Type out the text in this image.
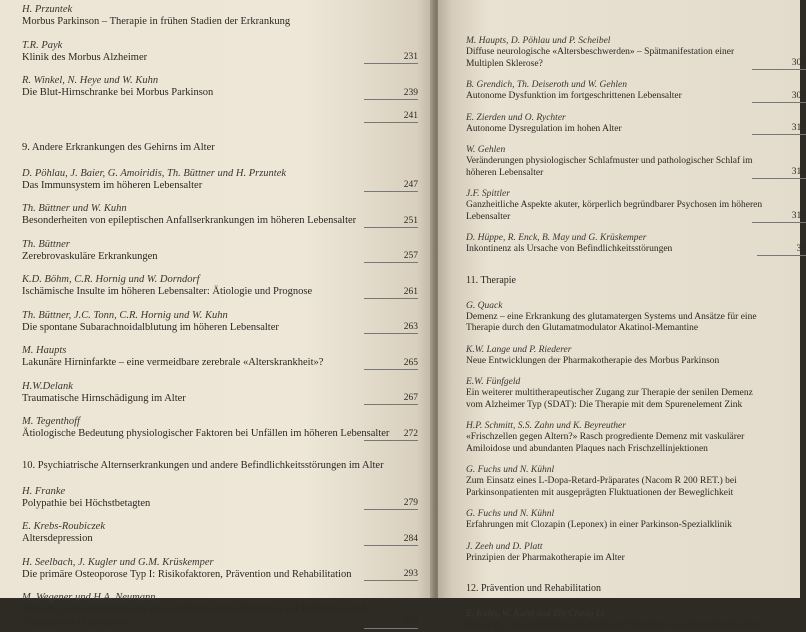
H. Przuntek
Morbus Parkinson – Therapie in frühen Stadien der Erkrankung
T.R. Payk
Klinik des Morbus Alzheimer	231
R. Winkel, N. Heye und W. Kuhn
Die Blut-Hirnschranke bei Morbus Parkinson	239
241
9. Andere Erkrankungen des Gehirns im Alter
D. Pöhlau, J. Baier, G. Amoiridis, Th. Büttner und H. Przuntek
Das Immunsystem im höheren Lebensalter	247
Th. Büttner und W. Kuhn
Besonderheiten von epileptischen Anfallserkrankungen im höheren Lebensalter	251
Th. Büttner
Zerebrovaskuläre Erkrankungen	257
K.D. Böhm, C.R. Hornig und W. Dorndorf
Ischämische Insulte im höheren Lebensalter: Ätiologie und Prognose	261
Th. Büttner, J.C. Tonn, C.R. Hornig und W. Kuhn
Die spontane Subarachnoidalblutung im höheren Lebensalter	263
M. Haupts
Lakunäre Hirninfarkte – eine vermeidbare zerebrale «Alterskrankheit»?	265
H.W.Delank
Traumatische Hirnschädigung im Alter	267
M. Tegenthoff
Ätiologische Bedeutung physiologischer Faktoren bei Unfällen im höheren Lebensalter	272
10. Psychiatrische Alternserkrankungen und andere Befindlichkeitsstörungen im Alter
H. Franke
Polypathie bei Höchstbetagten	279
E. Krebs-Roubiczek
Altersdepression	284
H. Seelbach, J. Kugler und G.M. Krüskemper
Die primäre Osteoporose Typ I: Risikofaktoren, Prävention und Rehabilitation	293
M. Wegener und H.A. Neumann
Aktuelle pathogenetische und neue medikamentöse Strategien zur Prävention und Therapie der Osteoporose	298
M. Haupts, D. Pöhlau und P. Scheibel
Diffuse neurologische «Altersbeschwerden» – Spätmanifestation einer Multiplen Sklerose?	307
B. Grendich, Th. Deiseroth und W. Gehlen
Autonome Dysfunktion im fortgeschrittenen Lebensalter	309
E. Zierden und O. Rychter
Autonome Dysregulation im hohen Alter	312
W. Gehlen
Veränderungen physiologischer Schlafmuster und pathologischer Schlaf im höheren Lebensalter	315
J.F. Spittler
Ganzheitliche Aspekte akuter, körperlich begründbarer Psychosen im höheren Lebensalter	319
D. Hüppe, R. Enck, B. May und G. Krüskemper
Inkontinenz als Ursache von Befindlichkeitsstörungen	32
11. Therapie
G. Quack
Demenz – eine Erkrankung des glutamatergen Systems und Ansätze für eine Therapie durch den Glutamatmodulator Akatinol-Memantine
K.W. Lange und P. Riederer
Neue Entwicklungen der Pharmakotherapie des Morbus Parkinson
E.W. Fünfgeld
Ein weiterer multitherapeutischer Zugang zur Therapie der senilen Demenz vom Alzheimer Typ (SDAT): Die Therapie mit dem Spurenelement Zink
H.P. Schmitt, S.S. Zahn und K. Beyreuther
«Frischzellen gegen Altern?» Rasch progrediente Demenz mit vaskulärer Amiloidose und abundanten Plaques nach Frischzellinjektionen
G. Fuchs und N. Kühnl
Zum Einsatz eines L-Dopa-Retard-Präparates (Nacom R 200 RET.) bei Parkinsonpatienten mit ausgeprägten Fluktuationen der Beweglichkeit
G. Fuchs und N. Kühnl
Erfahrungen mit Clozapin (Leponex) in einer Parkinson-Spezialklinik
J. Zeeh und D. Platt
Prinzipien der Pharmakotherapie im Alter
12. Prävention und Rehabilitation
E. Kuhn, W. Kuhn und Zhi Chang Li
Qi Gong – Eine traditionelle Methode zur Prävention von Alterserkrankungen
